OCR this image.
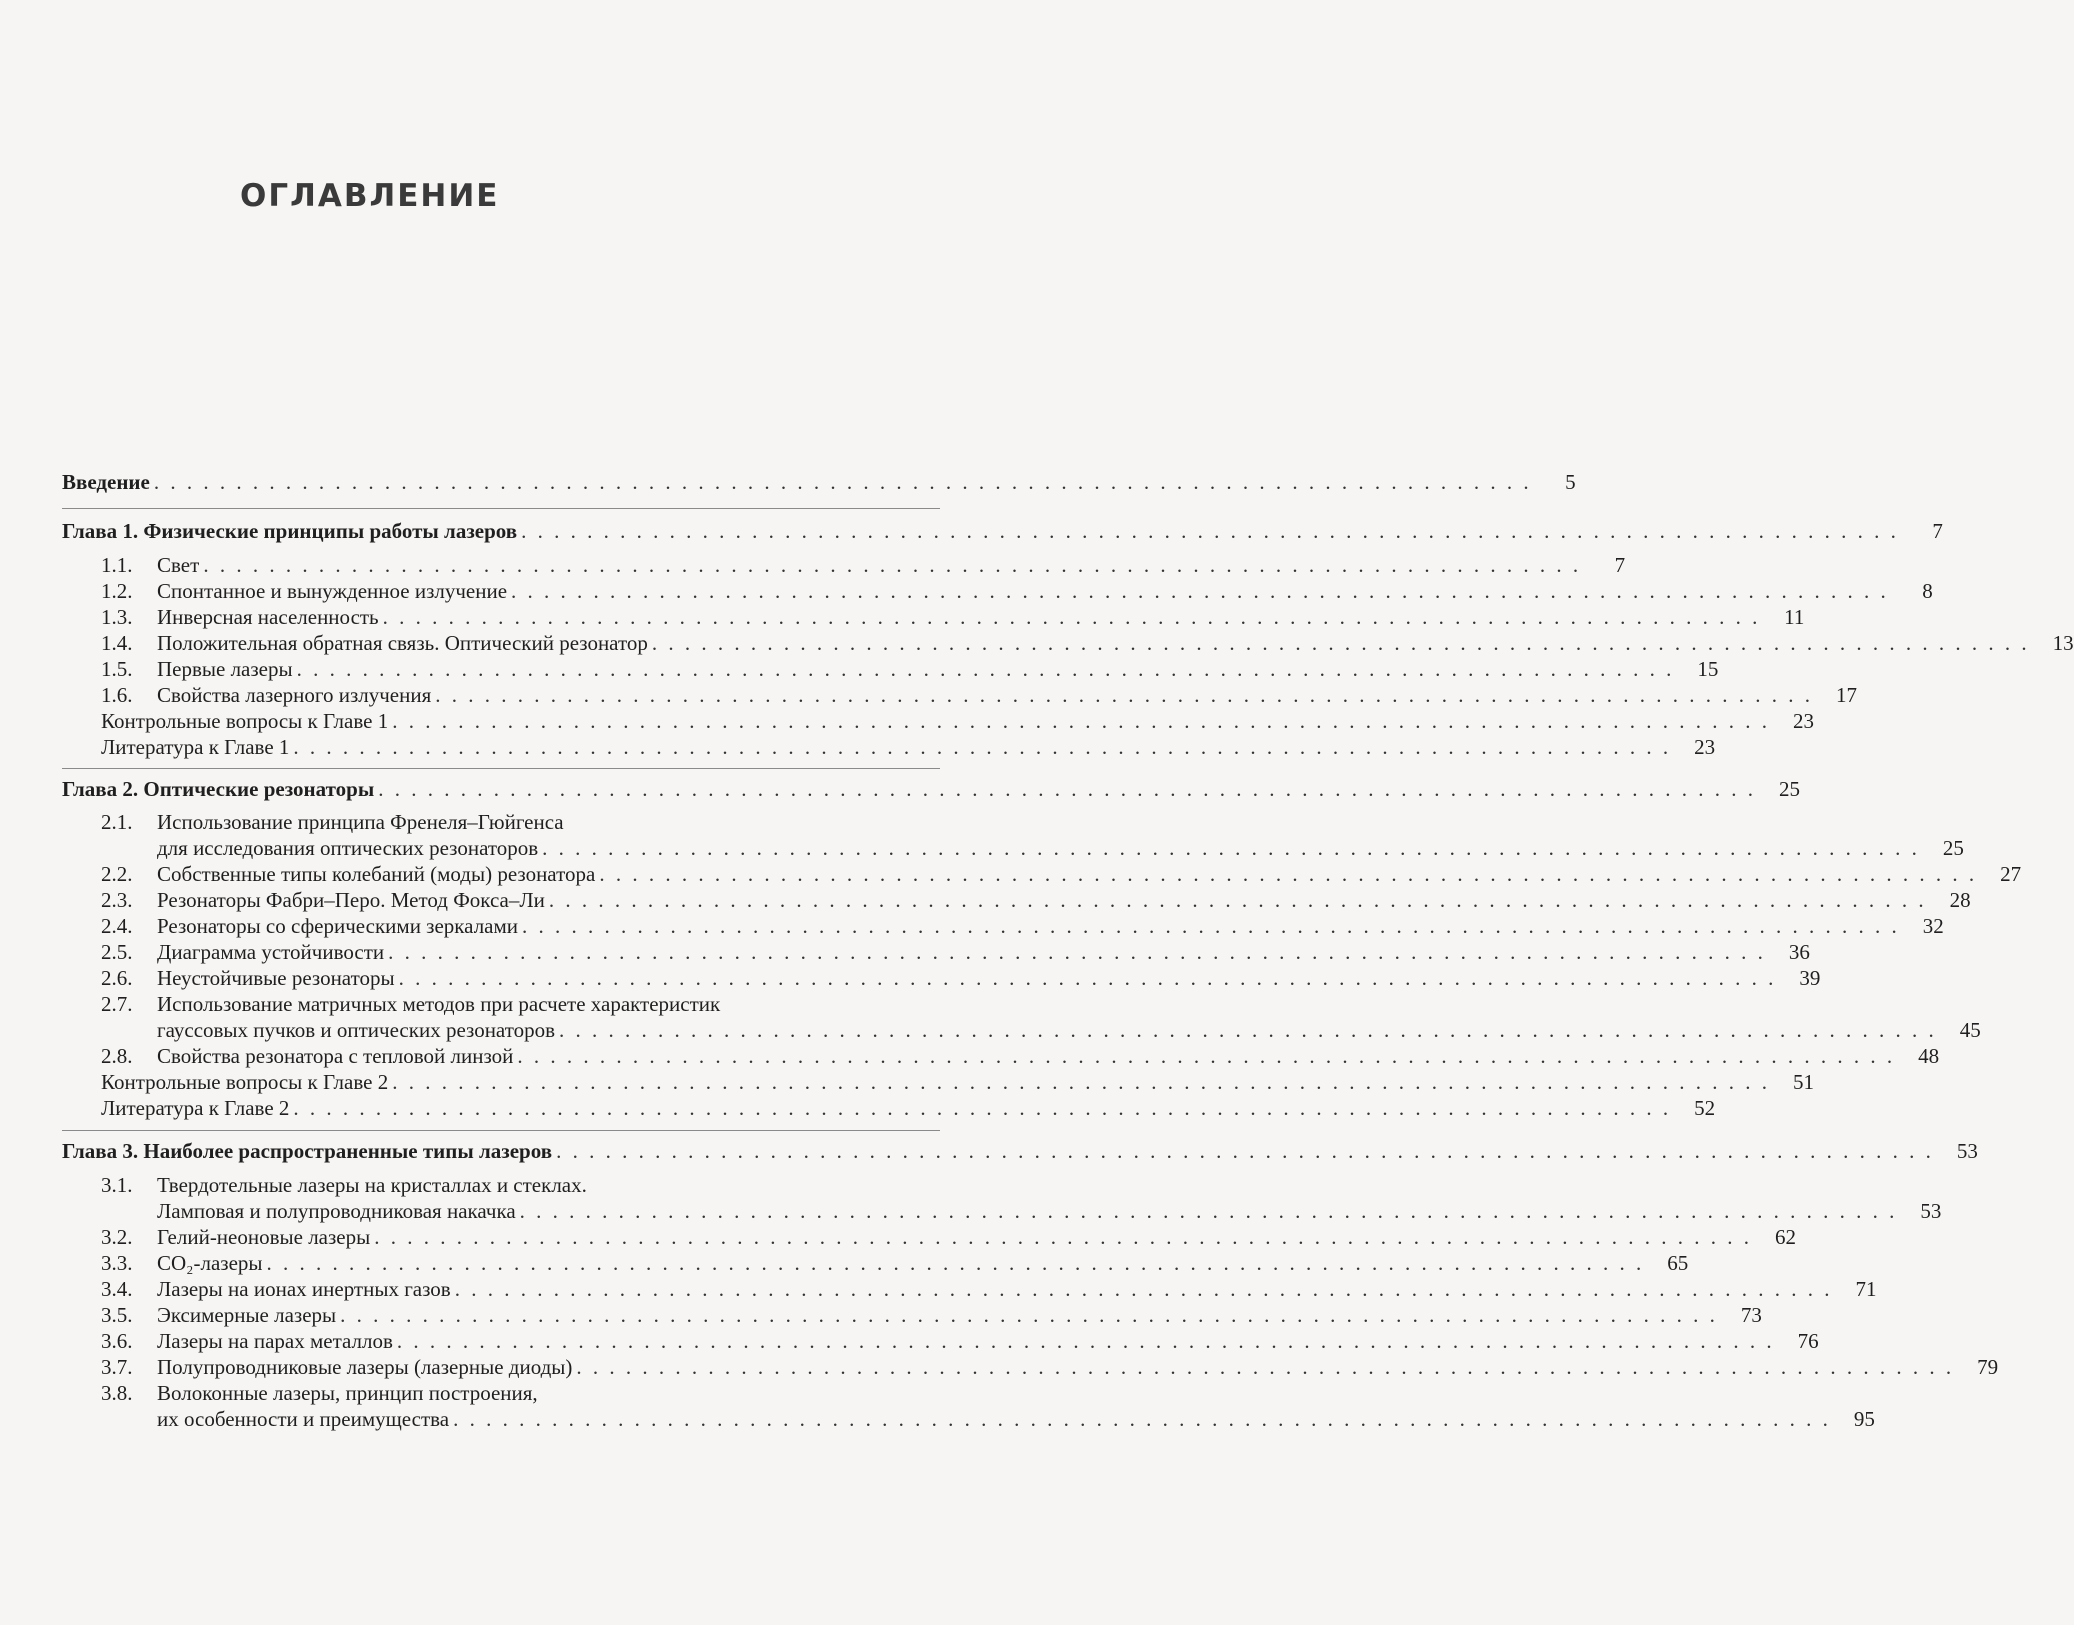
ОГЛАВЛЕНИЕ
Введение . . . . . . . . . . . . . . . . . . . . . . . . . . . . . . . . . . . . . . . . . . . . . . . . . . . . . . . . . . . . . . . . . . . . . . . . . . . . . . . . . . . .	5
Глава 1. Физические принципы работы лазеров . . . . . . . . . . . . . . . . . . . . . . . . . . . . . . . . . . . . . . . . . . . . . . . . . . . . . . . . . . . . . . . . . . . . . . . . . . . . . . . . . . . .	7
1.1.	Свет . . . . . . . . . . . . . . . . . . . . . . . . . . . . . . . . . . . . . . . . . . . . . . . . . . . . . . . . . . . . . . . . . . . . . . . . . . . . . . . . . . . .	7
1.2.	Спонтанное и вынужденное излучение . . . . . . . . . . . . . . . . . . . . . . . . . . . . . . . . . . . . . . . . . . . . . . . . . . . . . . . . . . . . . . . . . . . . . . . . . . . . . . . . . . . .	8
1.3.	Инверсная населенность . . . . . . . . . . . . . . . . . . . . . . . . . . . . . . . . . . . . . . . . . . . . . . . . . . . . . . . . . . . . . . . . . . . . . . . . . . . . . . . . . . . .	11
1.4.	Положительная обратная связь. Оптический резонатор . . . . . . . . . . . . . . . . . . . . . . . . . . . . . . . . . . . . . . . . . . . . . . . . . . . . . . . . . . . . . . . . . . . . . . . . . . . . . . . . . . . .	13
1.5.	Первые лазеры . . . . . . . . . . . . . . . . . . . . . . . . . . . . . . . . . . . . . . . . . . . . . . . . . . . . . . . . . . . . . . . . . . . . . . . . . . . . . . . . . . . .	15
1.6.	Свойства лазерного излучения . . . . . . . . . . . . . . . . . . . . . . . . . . . . . . . . . . . . . . . . . . . . . . . . . . . . . . . . . . . . . . . . . . . . . . . . . . . . . . . . . . . .	17
Контрольные вопросы к Главе 1 . . . . . . . . . . . . . . . . . . . . . . . . . . . . . . . . . . . . . . . . . . . . . . . . . . . . . . . . . . . . . . . . . . . . . . . . . . . . . . . . . . . .	23
Литература к Главе 1 . . . . . . . . . . . . . . . . . . . . . . . . . . . . . . . . . . . . . . . . . . . . . . . . . . . . . . . . . . . . . . . . . . . . . . . . . . . . . . . . . . . .	23
Глава 2. Оптические резонаторы . . . . . . . . . . . . . . . . . . . . . . . . . . . . . . . . . . . . . . . . . . . . . . . . . . . . . . . . . . . . . . . . . . . . . . . . . . . . . . . . . . . .	25
2.1.	Использование принципа Френеля–Гюйгенса
для исследования оптических резонаторов . . . . . . . . . . . . . . . . . . . . . . . . . . . . . . . . . . . . . . . . . . . . . . . . . . . . . . . . . . . . . . . . . . . . . . . . . . . . . . . . . . . .	25
2.2.	Собственные типы колебаний (моды) резонатора . . . . . . . . . . . . . . . . . . . . . . . . . . . . . . . . . . . . . . . . . . . . . . . . . . . . . . . . . . . . . . . . . . . . . . . . . . . . . . . . . . . .	27
2.3.	Резонаторы Фабри–Перо. Метод Фокса–Ли . . . . . . . . . . . . . . . . . . . . . . . . . . . . . . . . . . . . . . . . . . . . . . . . . . . . . . . . . . . . . . . . . . . . . . . . . . . . . . . . . . . .	28
2.4.	Резонаторы со сферическими зеркалами . . . . . . . . . . . . . . . . . . . . . . . . . . . . . . . . . . . . . . . . . . . . . . . . . . . . . . . . . . . . . . . . . . . . . . . . . . . . . . . . . . . .	32
2.5.	Диаграмма устойчивости . . . . . . . . . . . . . . . . . . . . . . . . . . . . . . . . . . . . . . . . . . . . . . . . . . . . . . . . . . . . . . . . . . . . . . . . . . . . . . . . . . . .	36
2.6.	Неустойчивые резонаторы . . . . . . . . . . . . . . . . . . . . . . . . . . . . . . . . . . . . . . . . . . . . . . . . . . . . . . . . . . . . . . . . . . . . . . . . . . . . . . . . . . . .	39
2.7.	Использование матричных методов при расчете характеристик
гауссовых пучков и оптических резонаторов . . . . . . . . . . . . . . . . . . . . . . . . . . . . . . . . . . . . . . . . . . . . . . . . . . . . . . . . . . . . . . . . . . . . . . . . . . . . . . . . . . . .	45
2.8.	Свойства резонатора с тепловой линзой . . . . . . . . . . . . . . . . . . . . . . . . . . . . . . . . . . . . . . . . . . . . . . . . . . . . . . . . . . . . . . . . . . . . . . . . . . . . . . . . . . . .	48
Контрольные вопросы к Главе 2 . . . . . . . . . . . . . . . . . . . . . . . . . . . . . . . . . . . . . . . . . . . . . . . . . . . . . . . . . . . . . . . . . . . . . . . . . . . . . . . . . . . .	51
Литература к Главе 2 . . . . . . . . . . . . . . . . . . . . . . . . . . . . . . . . . . . . . . . . . . . . . . . . . . . . . . . . . . . . . . . . . . . . . . . . . . . . . . . . . . . .	52
Глава 3. Наиболее распространенные типы лазеров . . . . . . . . . . . . . . . . . . . . . . . . . . . . . . . . . . . . . . . . . . . . . . . . . . . . . . . . . . . . . . . . . . . . . . . . . . . . . . . . . . . .	53
3.1.	Твердотельные лазеры на кристаллах и стеклах.
Ламповая и полупроводниковая накачка . . . . . . . . . . . . . . . . . . . . . . . . . . . . . . . . . . . . . . . . . . . . . . . . . . . . . . . . . . . . . . . . . . . . . . . . . . . . . . . . . . . .	53
3.2.	Гелий-неоновые лазеры . . . . . . . . . . . . . . . . . . . . . . . . . . . . . . . . . . . . . . . . . . . . . . . . . . . . . . . . . . . . . . . . . . . . . . . . . . . . . . . . . . . .	62
3.3.	CO₂-лазеры . . . . . . . . . . . . . . . . . . . . . . . . . . . . . . . . . . . . . . . . . . . . . . . . . . . . . . . . . . . . . . . . . . . . . . . . . . . . . . . . . . . .	65
3.4.	Лазеры на ионах инертных газов . . . . . . . . . . . . . . . . . . . . . . . . . . . . . . . . . . . . . . . . . . . . . . . . . . . . . . . . . . . . . . . . . . . . . . . . . . . . . . . . . . . .	71
3.5.	Эксимерные лазеры . . . . . . . . . . . . . . . . . . . . . . . . . . . . . . . . . . . . . . . . . . . . . . . . . . . . . . . . . . . . . . . . . . . . . . . . . . . . . . . . . . . .	73
3.6.	Лазеры на парах металлов . . . . . . . . . . . . . . . . . . . . . . . . . . . . . . . . . . . . . . . . . . . . . . . . . . . . . . . . . . . . . . . . . . . . . . . . . . . . . . . . . . . .	76
3.7.	Полупроводниковые лазеры (лазерные диоды) . . . . . . . . . . . . . . . . . . . . . . . . . . . . . . . . . . . . . . . . . . . . . . . . . . . . . . . . . . . . . . . . . . . . . . . . . . . . . . . . . . . .	79
3.8.	Волоконные лазеры, принцип построения,
их особенности и преимущества . . . . . . . . . . . . . . . . . . . . . . . . . . . . . . . . . . . . . . . . . . . . . . . . . . . . . . . . . . . . . . . . . . . . . . . . . . . . . . . . . . . .	95
